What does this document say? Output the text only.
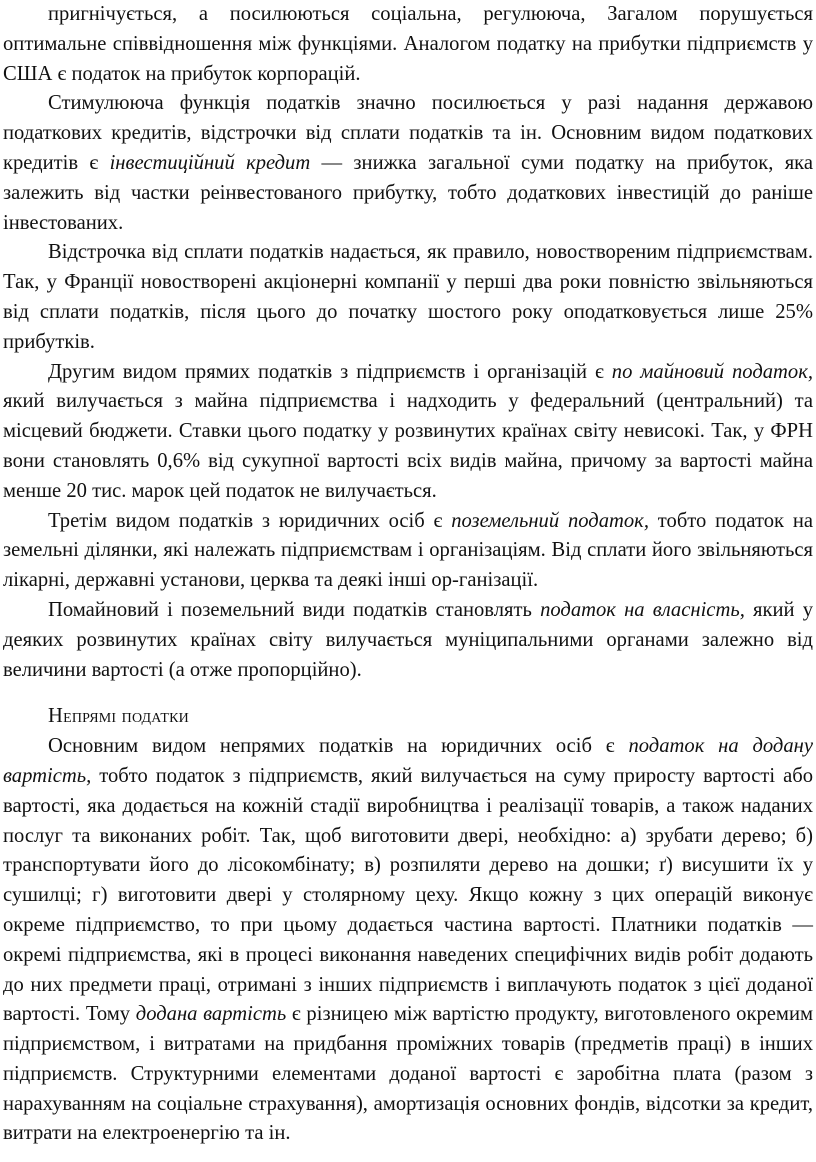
пригнічується, а посилюються соціальна, регулююча, Загалом порушується оптимальне співвідношення між функціями. Аналогом податку на прибутки підприємств у США є податок на прибуток корпорацій.

Стимулююча функція податків значно посилюється у разі надання державою податкових кредитів, відстрочки від сплати податків та ін. Основним видом податкових кредитів є інвестиційний кредит — знижка загальної суми податку на прибуток, яка залежить від частки реінвестованого прибутку, тобто додаткових інвестицій до раніше інвестованих.

Відстрочка від сплати податків надається, як правило, новоствореним підприємствам. Так, у Франції новостворені акціонерні компанії у перші два роки повністю звільняються від сплати податків, після цього до початку шостого року оподатковується лише 25% прибутків.

Другим видом прямих податків з підприємств і організацій є по майновий податок, який вилучається з майна підприємства і надходить у федеральний (центральний) та місцевий бюджети. Ставки цього податку у розвинутих країнах світу невисокі. Так, у ФРН вони становлять 0,6% від сукупної вартості всіх видів майна, причому за вартості майна менше 20 тис. марок цей податок не вилучається.

Третім видом податків з юридичних осіб є поземельний податок, тобто податок на земельні ділянки, які належать підприємствам і організаціям. Від сплати його звільняються лікарні, державні установи, церква та деякі інші ор-ганізації.

Помайновий і поземельний види податків становлять податок на власність, який у деяких розвинутих країнах світу вилучається муніципальними органами залежно від величини вартості (а отже пропорційно).

Непрямі податки

Основним видом непрямих податків на юридичних осіб є податок на додану вартість, тобто податок з підприємств, який вилучається на суму приросту вартості або вартості, яка додається на кожній стадії виробництва і реалізації товарів, а також наданих послуг та виконаних робіт. Так, щоб виготовити двері, необхідно: а) зрубати дерево; б) транспортувати його до лісокомбінату; в) розпиляти дерево на дошки; ґ) висушити їх у сушилці; г) виготовити двері у столярному цеху. Якщо кожну з цих операцій виконує окреме підприємство, то при цьому додається частина вартості. Платники податків — окремі підприємства, які в процесі виконання наведених специфічних видів робіт додають до них предмети праці, отримані з інших підприємств і виплачують податок з цієї доданої вартості. Тому додана вартість є різницею між вартістю продукту, виготовленого окремим підприємством, і витратами на придбання проміжних товарів (предметів праці) в інших підприємств. Структурними елементами доданої вартості є заробітна плата (разом з нарахуванням на соціальне страхування), амортизація основних фондів, відсотки за кредит, витрати на електроенергію та ін.
